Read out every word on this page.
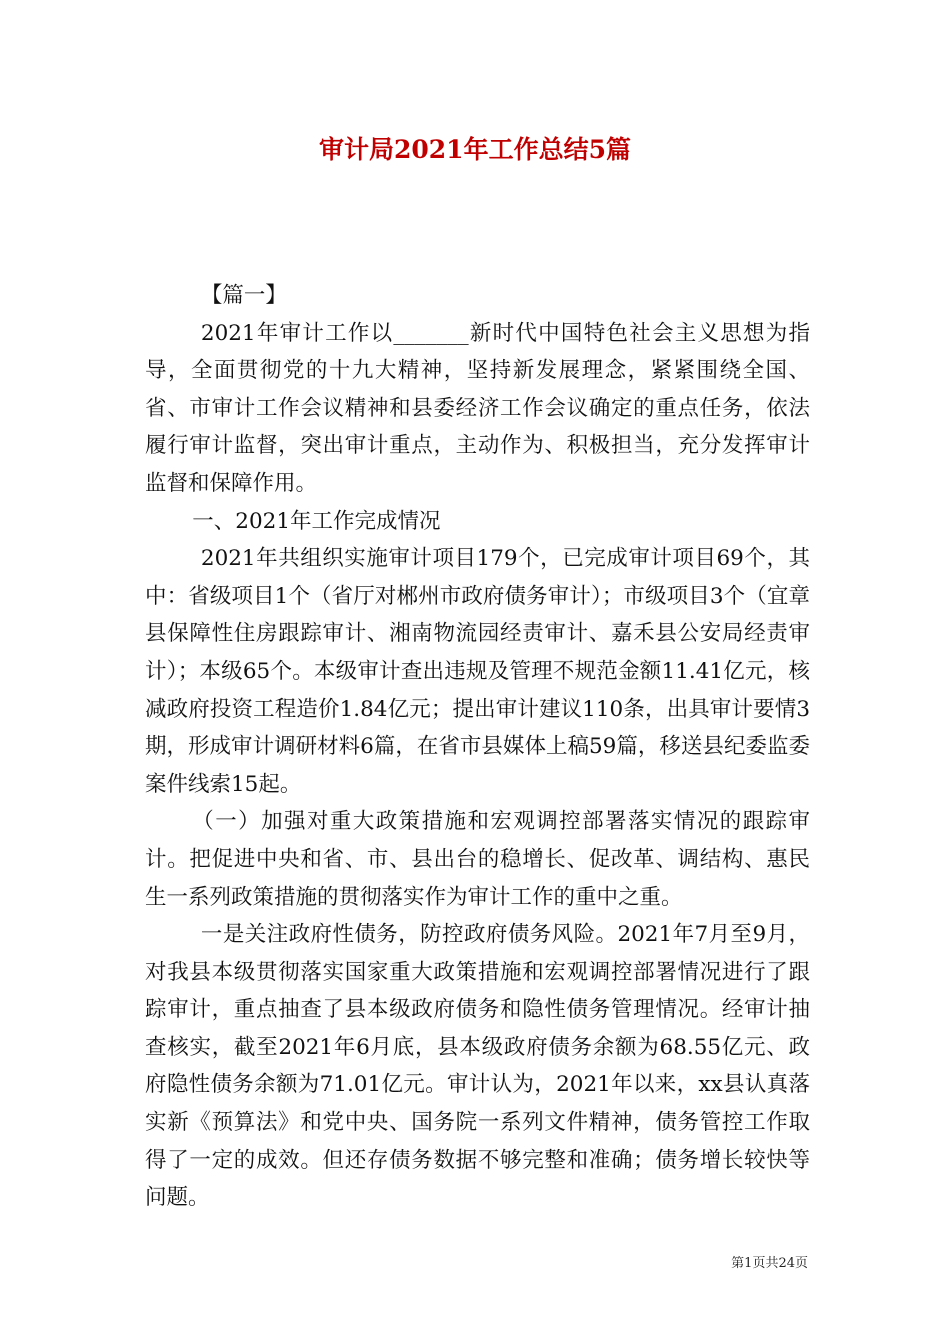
审计局2021年工作总结5篇

【篇一】

2021年审计工作以_______新时代中国特色社会主义思想为指导，全面贯彻党的十九大精神，坚持新发展理念，紧紧围绕全国、省、市审计工作会议精神和县委经济工作会议确定的重点任务，依法履行审计监督，突出审计重点，主动作为、积极担当，充分发挥审计监督和保障作用。

一、2021年工作完成情况

2021年共组织实施审计项目179个，已完成审计项目69个，其中：省级项目1个（省厅对郴州市政府债务审计）；市级项目3个（宜章县保障性住房跟踪审计、湘南物流园经责审计、嘉禾县公安局经责审计）；本级65个。本级审计查出违规及管理不规范金额11.41亿元，核减政府投资工程造价1.84亿元；提出审计建议110条，出具审计要情3期，形成审计调研材料6篇，在省市县媒体上稿59篇，移送县纪委监委案件线索15起。

（一）加强对重大政策措施和宏观调控部署落实情况的跟踪审计。把促进中央和省、市、县出台的稳增长、促改革、调结构、惠民生一系列政策措施的贯彻落实作为审计工作的重中之重。

一是关注政府性债务，防控政府债务风险。2021年7月至9月，对我县本级贯彻落实国家重大政策措施和宏观调控部署情况进行了跟踪审计，重点抽查了县本级政府债务和隐性债务管理情况。经审计抽查核实，截至2021年6月底，县本级政府债务余额为68.55亿元、政府隐性债务余额为71.01亿元。审计认为，2021年以来，xx县认真落实新《预算法》和党中央、国务院一系列文件精神，债务管控工作取得了一定的成效。但还存债务数据不够完整和准确；债务增长较快等问题。

第1页共24页
